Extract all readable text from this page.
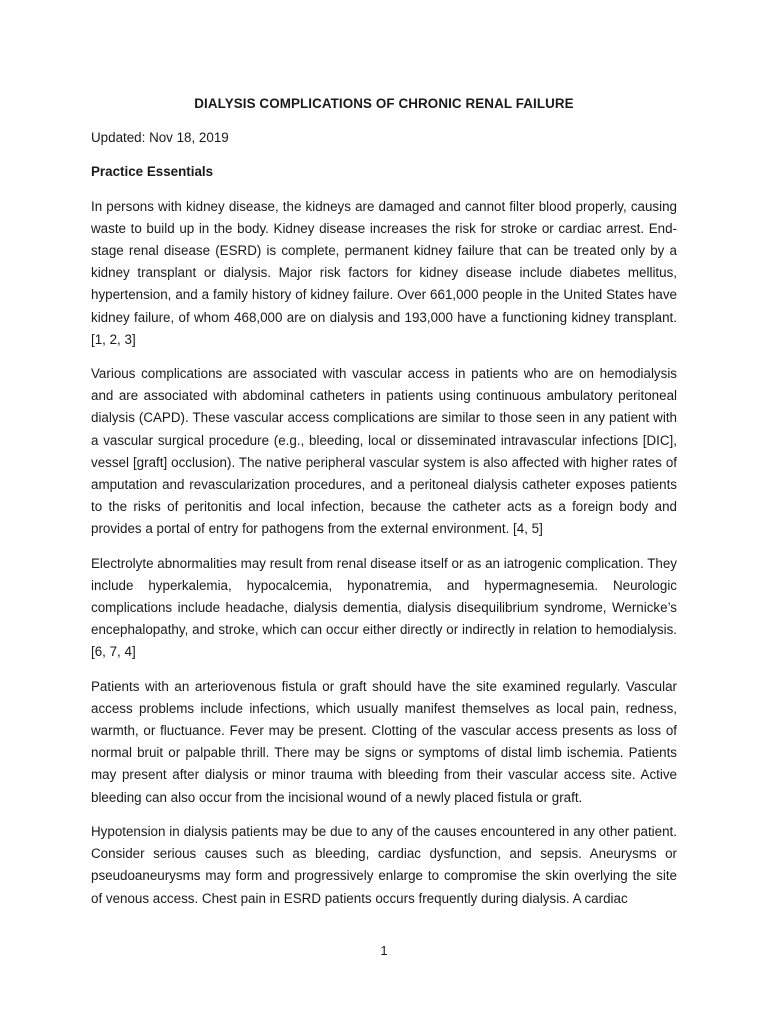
DIALYSIS COMPLICATIONS OF CHRONIC RENAL FAILURE
Updated: Nov 18, 2019
Practice Essentials

In persons with kidney disease, the kidneys are damaged and cannot filter blood properly, causing waste to build up in the body. Kidney disease increases the risk for stroke or cardiac arrest. End-stage renal disease (ESRD) is complete, permanent kidney failure that can be treated only by a kidney transplant or dialysis. Major risk factors for kidney disease include diabetes mellitus, hypertension, and a family history of kidney failure. Over 661,000 people in the United States have kidney failure, of whom 468,000 are on dialysis and 193,000 have a functioning kidney transplant. [1, 2, 3]

Various complications are associated with vascular access in patients who are on hemodialysis and are associated with abdominal catheters in patients using continuous ambulatory peritoneal dialysis (CAPD). These vascular access complications are similar to those seen in any patient with a vascular surgical procedure (e.g., bleeding, local or disseminated intravascular infections [DIC], vessel [graft] occlusion). The native peripheral vascular system is also affected with higher rates of amputation and revascularization procedures, and a peritoneal dialysis catheter exposes patients to the risks of peritonitis and local infection, because the catheter acts as a foreign body and provides a portal of entry for pathogens from the external environment. [4, 5]

Electrolyte abnormalities may result from renal disease itself or as an iatrogenic complication. They include hyperkalemia, hypocalcemia, hyponatremia, and hypermagnesemia. Neurologic complications include headache, dialysis dementia, dialysis disequilibrium syndrome, Wernicke’s encephalopathy, and stroke, which can occur either directly or indirectly in relation to hemodialysis. [6, 7, 4]

Patients with an arteriovenous fistula or graft should have the site examined regularly. Vascular access problems include infections, which usually manifest themselves as local pain, redness, warmth, or fluctuance. Fever may be present. Clotting of the vascular access presents as loss of normal bruit or palpable thrill. There may be signs or symptoms of distal limb ischemia. Patients may present after dialysis or minor trauma with bleeding from their vascular access site. Active bleeding can also occur from the incisional wound of a newly placed fistula or graft.

Hypotension in dialysis patients may be due to any of the causes encountered in any other patient. Consider serious causes such as bleeding, cardiac dysfunction, and sepsis. Aneurysms or pseudoaneurysms may form and progressively enlarge to compromise the skin overlying the site of venous access. Chest pain in ESRD patients occurs frequently during dialysis. A cardiac

1
